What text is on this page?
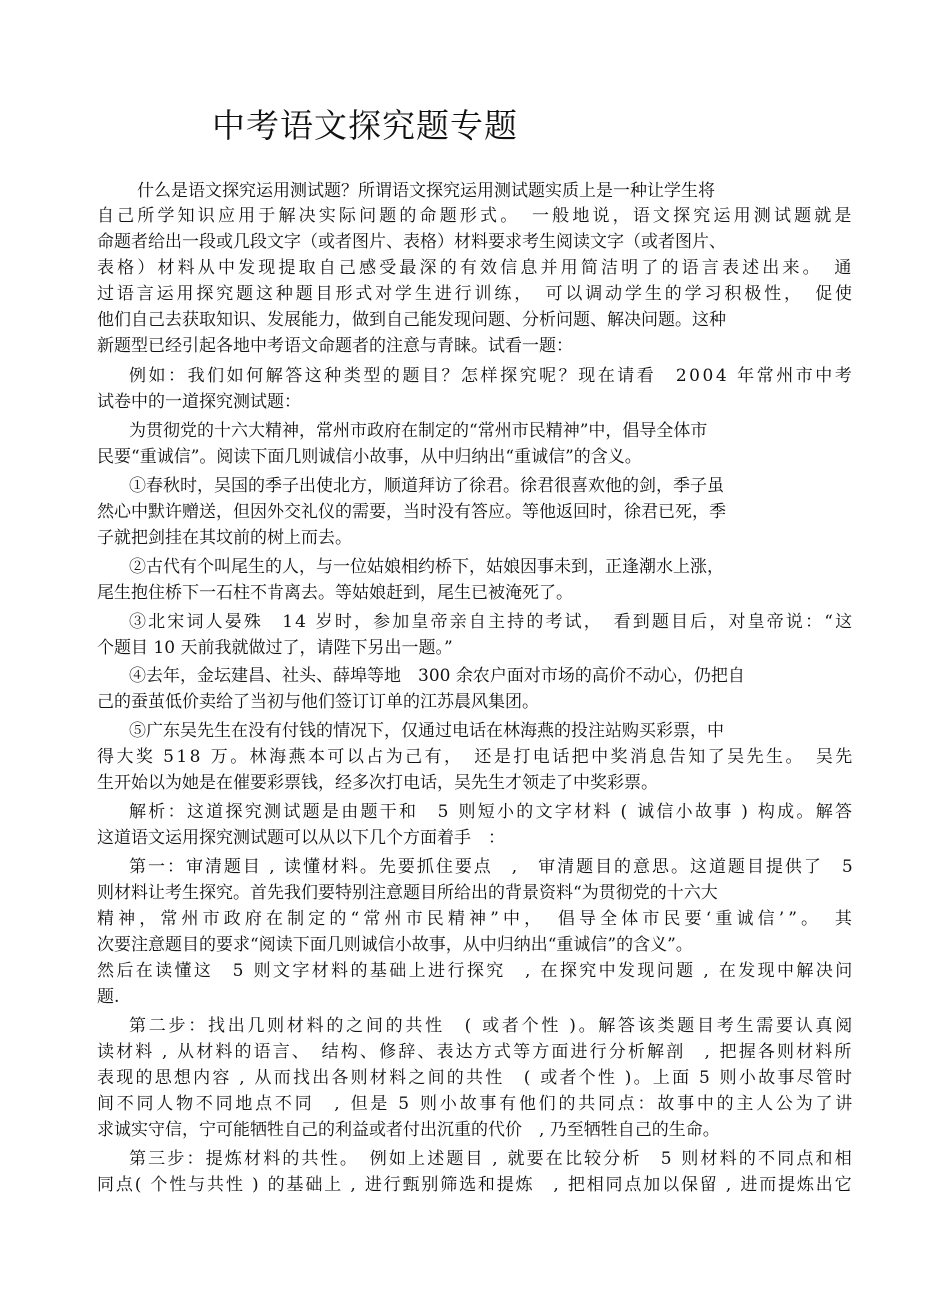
中考语文探究题专题
什么是语文探究运用测试题？所谓语文探究运用测试题实质上是一种让学生将
自己所学知识应用于解决实际问题的命题形式。　一般地说，语文探究运用测试题就是
命题者给出一段或几段文字（或者图片、表格）材料要求考生阅读文字（或者图片、
表格）材料从中发现提取自己感受最深的有效信息并用简洁明了的语言表述出来。　通
过语言运用探究题这种题目形式对学生进行训练，　可以调动学生的学习积极性，　促使
他们自己去获取知识、发展能力，做到自己能发现问题、分析问题、解决问题。这种
新题型已经引起各地中考语文命题者的注意与青睐。试看一题：
例如：我们如何解答这种类型的题目？怎样探究呢？现在请看　2004 年常州市中考
试卷中的一道探究测试题：
为贯彻党的十六大精神，常州市政府在制定的“常州市民精神”中，倡导全体市
民要“重诚信”。阅读下面几则诚信小故事，从中归纳出“重诚信”的含义。
①春秋时，吴国的季子出使北方，顺道拜访了徐君。徐君很喜欢他的剑，季子虽
然心中默许赠送，但因外交礼仪的需要，当时没有答应。等他返回时，徐君已死，季
子就把剑挂在其坟前的树上而去。
②古代有个叫尾生的人，与一位姑娘相约桥下，姑娘因事未到，正逢潮水上涨，
尾生抱住桥下一石柱不肯离去。等姑娘赶到，尾生已被淹死了。
③北宋词人晏殊　14 岁时，参加皇帝亲自主持的考试，　看到题目后，对皇帝说：“这
个题目 10 天前我就做过了，请陛下另出一题。”
④去年，金坛建昌、社头、薛埠等地　300 余农户面对市场的高价不动心，仍把自
己的蚕茧低价卖给了当初与他们签订订单的江苏晨风集团。
⑤广东吴先生在没有付钱的情况下，仅通过电话在林海燕的投注站购买彩票，中
得大奖 518 万。林海燕本可以占为己有，　还是打电话把中奖消息告知了吴先生。　吴先
生开始以为她是在催要彩票钱，经多次打电话，吴先生才领走了中奖彩票。
解析：这道探究测试题是由题干和　5 则短小的文字材料 ( 诚信小故事 ) 构成。解答
这道语文运用探究测试题可以从以下几个方面着手　：
第一：审清题目 , 读懂材料。先要抓住要点　,　审清题目的意思。这道题目提供了　5
则材料让考生探究。首先我们要特别注意题目所给出的背景资料“为贯彻党的十六大
精神，常州市政府在制定的“常州市民精神”中，　倡导全体市民要‘重诚信’”。　其
次要注意题目的要求“阅读下面几则诚信小故事，从中归纳出“重诚信”的含义”。
然后在读懂这　5 则文字材料的基础上进行探究　, 在探究中发现问题 , 在发现中解决问
题.
第二步：找出几则材料的之间的共性　( 或者个性 )。解答该类题目考生需要认真阅
读材料 , 从材料的语言、　结构、修辞、表达方式等方面进行分析解剖　, 把握各则材料所
表现的思想内容 , 从而找出各则材料之间的共性　( 或者个性 )。上面 5 则小故事尽管时
间不同人物不同地点不同　, 但是 5 则小故事有他们的共同点：故事中的主人公为了讲
求诚实守信，宁可能牺牲自己的利益或者付出沉重的代价　, 乃至牺牲自己的生命。
第三步：提炼材料的共性。　例如上述题目 , 就要在比较分析　5 则材料的不同点和相
同点( 个性与共性 ) 的基础上 , 进行甄别筛选和提炼　, 把相同点加以保留 , 进而提炼出它
